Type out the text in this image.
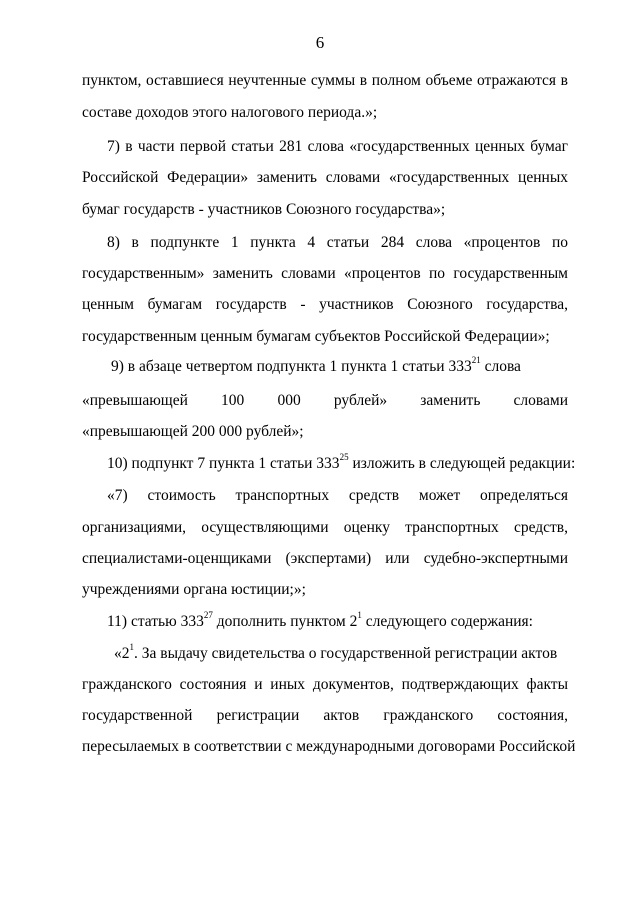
6
пунктом, оставшиеся неучтенные суммы в полном объеме отражаются в
составе доходов этого налогового периода.»;
7) в части первой статьи 281 слова «государственных ценных бумаг
Российской Федерации» заменить словами «государственных ценных
бумаг государств - участников Союзного государства»;
8) в подпункте 1 пункта 4 статьи 284 слова «процентов по
государственным» заменить словами «процентов по государственным
ценным бумагам государств - участников Союзного государства,
государственным ценным бумагам субъектов Российской Федерации»;
9) в абзаце четвертом подпункта 1 пункта 1 статьи $333^{21}$ слова
«превышающей 100 000 рублей» заменить словами
«превышающей 200 000 рублей»;
10) подпункт 7 пункта 1 статьи $333^{25}$ изложить в следующей редакции:
«7) стоимость транспортных средств может определяться
организациями, осуществляющими оценку транспортных средств,
специалистами-оценщиками (экспертами) или судебно-экспертными
учреждениями органа юстиции;»;
11) статью $333^{27}$ дополнить пунктом $2^1$ следующего содержания:
«$2^1$. За выдачу свидетельства о государственной регистрации актов
гражданского состояния и иных документов, подтверждающих факты
государственной регистрации актов гражданского состояния,
пересылаемых в соответствии с международными договорами Российской
